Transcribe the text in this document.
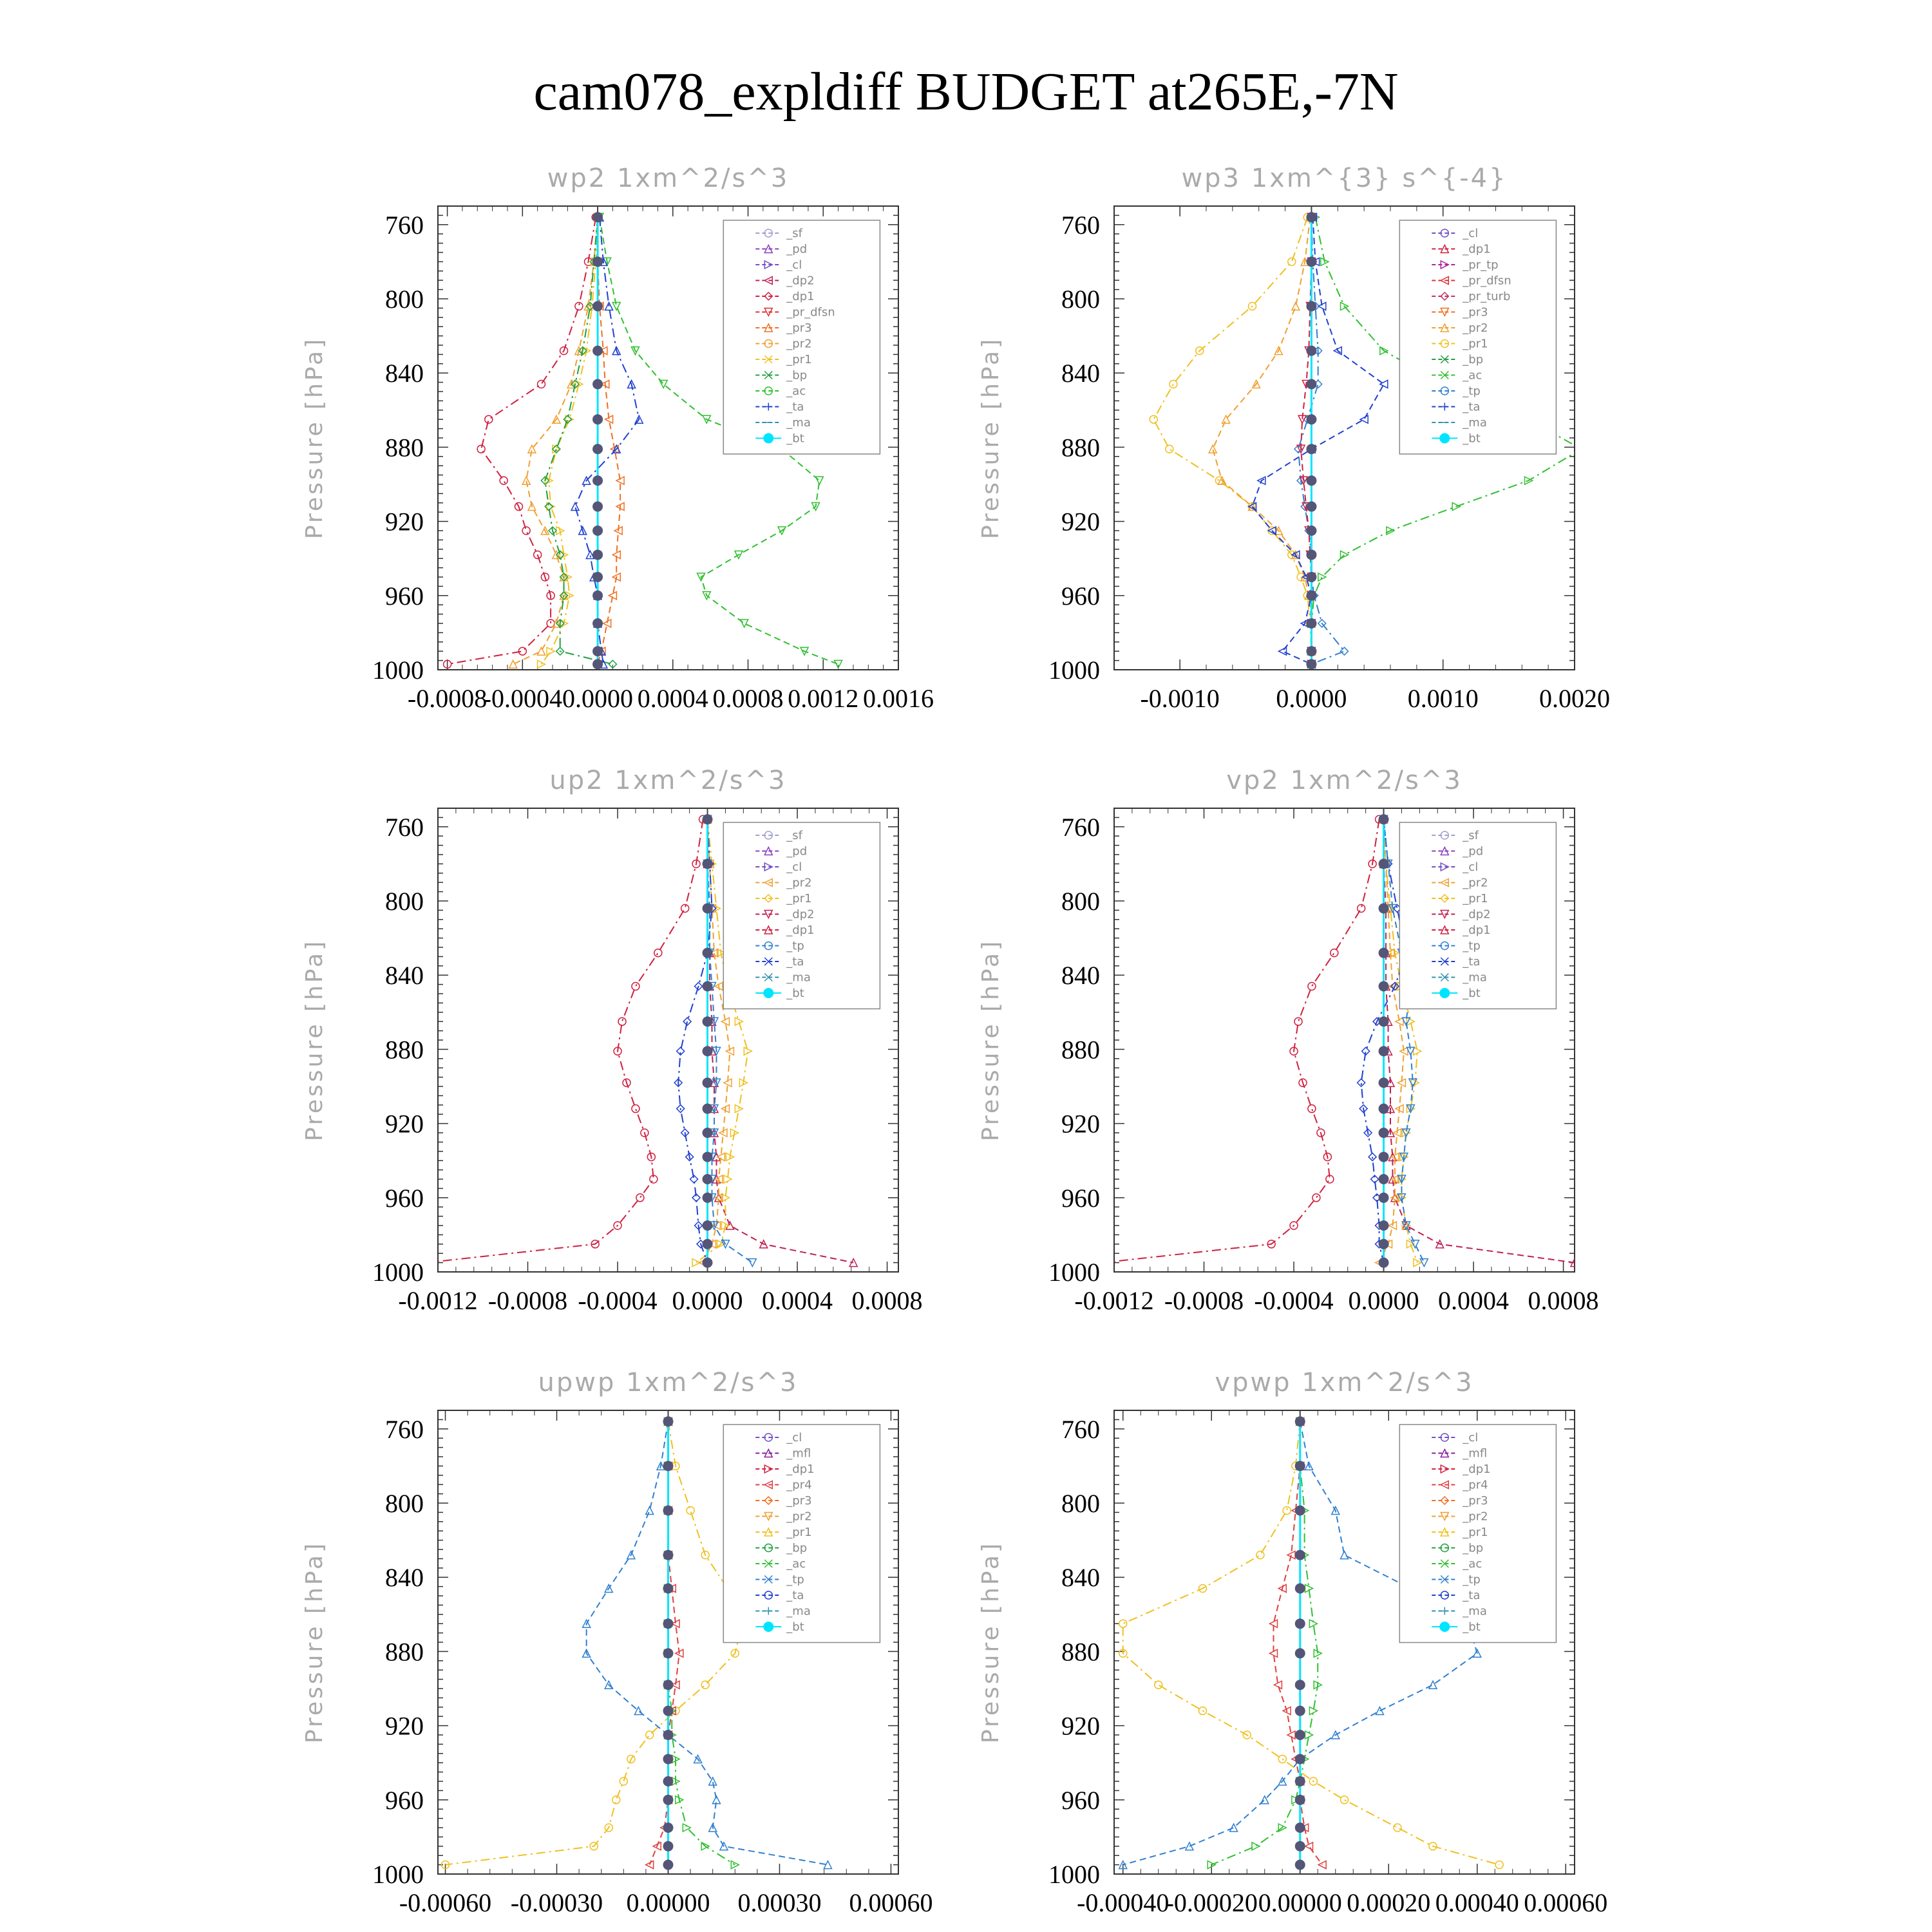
cam078_expldiff BUDGET at265E,-7N
wp2 1xm^2/s^3
Pressure [hPa]
760
800
840
880
920
960
1000
-0.0008
-0.0004 0.0000 0.0004 0.0008 0.0012 0.0016
_sf
_pd
_cl
_dp2
_dp1
_pr_dfsn
_pr3
_pr2
_pr1
_bp
_ac
_ta
_ma
_bt
wp3 1xm^{3} s^{-4}
Pressure [hPa]
760
800
840
880
920
960
1000
-0.0010 0.0000 0.0010 0.0020
_cl
_dp1
_pr_tp
_pr_dfsn
_pr_turb
_pr3
_pr2
_pr1
_bp
_ac
_tp
_ta
_ma
_bt
up2 1xm^2/s^3
Pressure [hPa]
760
800
840
880
920
960
1000
-0.0012 -0.0008 -0.0004 0.0000 0.0004 0.0008
_sf
_pd
_cl
_pr2
_pr1
_dp2
_dp1
_tp
_ta
_ma
_bt
vp2 1xm^2/s^3
Pressure [hPa]
760
800
840
880
920
960
1000
-0.0012 -0.0008 -0.0004 0.0000 0.0004 0.0008
_sf
_pd
_cl
_pr2
_pr1
_dp2
_dp1
_tp
_ta
_ma
_bt
upwp 1xm^2/s^3
Pressure [hPa]
760
800
840
880
920
960
1000
-0.00060 -0.00030 0.00000 0.00030 0.00060
_cl
_mfl
_dp1
_pr4
_pr3
_pr2
_pr1
_bp
_ac
_tp
_ta
_ma
_bt
vpwp 1xm^2/s^3
Pressure [hPa]
760
800
840
880
920
960
1000
-0.00040
-0.00020 0.00000 0.00020 0.00040 0.00060
_cl
_mfl
_dp1
_pr4
_pr3
_pr2
_pr1
_bp
_ac
_tp
_ta
_ma
_bt
